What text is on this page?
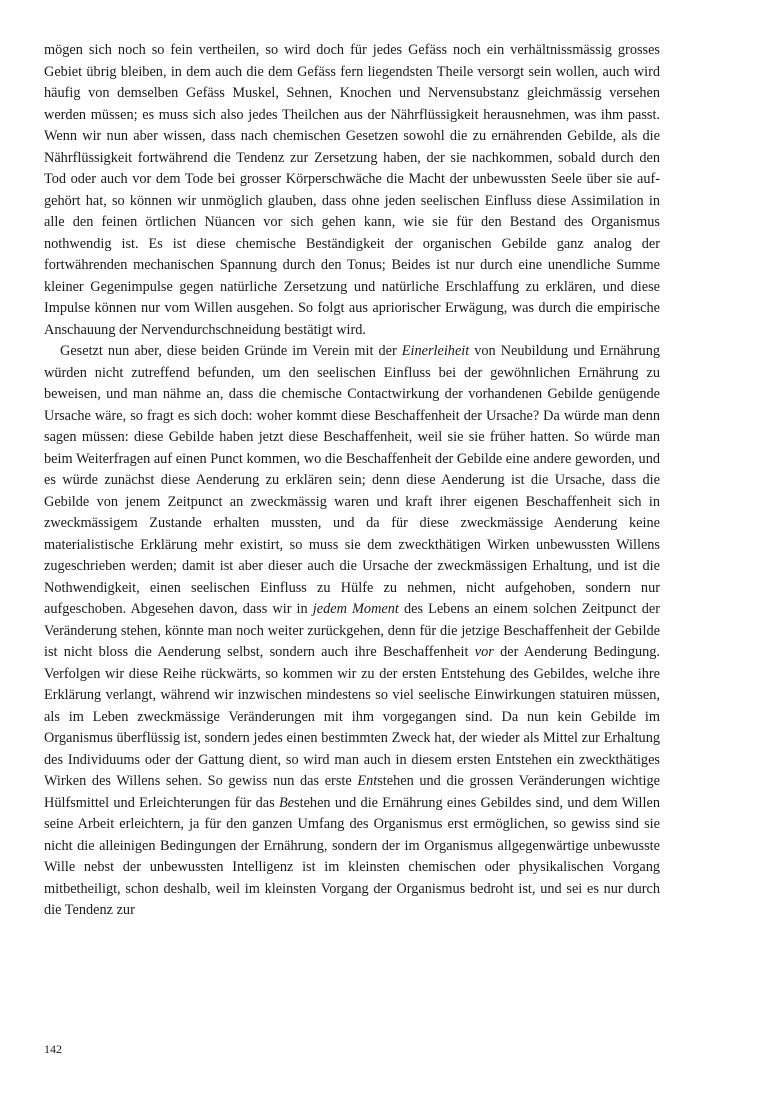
mögen sich noch so fein vertheilen, so wird doch für jedes Gefäss noch ein verhältnissmässig grosses Gebiet übrig bleiben, in dem auch die dem Gefäss fern liegendsten Theile versorgt sein wollen, auch wird häufig von demselben Gefäss Muskel, Sehnen, Knochen und Nervensubstanz gleichmässig versehen werden müssen; es muss sich also jedes Theilchen aus der Nährflüssigkeit herausnehmen, was ihm passt. Wenn wir nun aber wissen, dass nach chemischen Gesetzen sowohl die zu ernährenden Gebilde, als die Nährflüssigkeit fortwährend die Tendenz zur Zersetzung haben, der sie nachkommen, sobald durch den Tod oder auch vor dem Tode bei grosser Körperschwäche die Macht der unbewussten Seele über sie aufgehört hat, so können wir unmöglich glauben, dass ohne jeden seelischen Einfluss diese Assimilation in alle den feinen örtlichen Nüancen vor sich gehen kann, wie sie für den Bestand des Organismus nothwendig ist. Es ist diese chemische Beständigkeit der organischen Gebilde ganz analog der fortwährenden mechanischen Spannung durch den Tonus; Beides ist nur durch eine unendliche Summe kleiner Gegenimpulse gegen natürliche Zersetzung und natürliche Erschlaffung zu erklären, und diese Impulse können nur vom Willen ausgehen. So folgt aus apriorischer Erwägung, was durch die empirische Anschauung der Nervendurchschneidung bestätigt wird.

Gesetzt nun aber, diese beiden Gründe im Verein mit der Einerleiheit von Neubildung und Ernährung würden nicht zutreffend befunden, um den seelischen Einfluss bei der gewöhnlichen Ernährung zu beweisen, und man nähme an, dass die chemische Contactwirkung der vorhandenen Gebilde genügende Ursache wäre, so fragt es sich doch: woher kommt diese Beschaffenheit der Ursache? Da würde man denn sagen müssen: diese Gebilde haben jetzt diese Beschaffenheit, weil sie sie früher hatten. So würde man beim Weiterfragen auf einen Punct kommen, wo die Beschaffenheit der Gebilde eine andere geworden, und es würde zunächst diese Aenderung zu erklären sein; denn diese Aenderung ist die Ursache, dass die Gebilde von jenem Zeitpunct an zweckmässig waren und kraft ihrer eigenen Beschaffenheit sich in zweckmässigem Zustande erhalten mussten, und da für diese zweckmässige Aenderung keine materialistische Erklärung mehr existirt, so muss sie dem zweckthätigen Wirken unbewussten Willens zugeschrieben werden; damit ist aber dieser auch die Ursache der zweckmässigen Erhaltung, und ist die Nothwendigkeit, einen seelischen Einfluss zu Hülfe zu nehmen, nicht aufgehoben, sondern nur aufgeschoben. Abgesehen davon, dass wir in jedem Moment des Lebens an einem solchen Zeitpunct der Veränderung stehen, könnte man noch weiter zurückgehen, denn für die jetzige Beschaffenheit der Gebilde ist nicht bloss die Aenderung selbst, sondern auch ihre Beschaffenheit vor der Aenderung Bedingung. Verfolgen wir diese Reihe rückwärts, so kommen wir zu der ersten Entstehung des Gebildes, welche ihre Erklärung verlangt, während wir inzwischen mindestens so viel seelische Einwirkungen statuiren müssen, als im Leben zweckmässige Veränderungen mit ihm vorgegangen sind. Da nun kein Gebilde im Organismus überflüssig ist, sondern jedes einen bestimmten Zweck hat, der wieder als Mittel zur Erhaltung des Individuums oder der Gattung dient, so wird man auch in diesem ersten Entstehen ein zweckthätiges Wirken des Willens sehen. So gewiss nun das erste Entstehen und die grossen Veränderungen wichtige Hülfsmittel und Erleichterungen für das Bestehen und die Ernährung eines Gebildes sind, und dem Willen seine Arbeit erleichtern, ja für den ganzen Umfang des Organismus erst ermöglichen, so gewiss sind sie nicht die alleinigen Bedingungen der Ernährung, sondern der im Organismus allgegenwärtige unbewusste Wille nebst der unbewussten Intelligenz ist im kleinsten chemischen oder physikalischen Vorgang mitbetheiligt, schon deshalb, weil im kleinsten Vorgang der Organismus bedroht ist, und sei es nur durch die Tendenz zur

142
